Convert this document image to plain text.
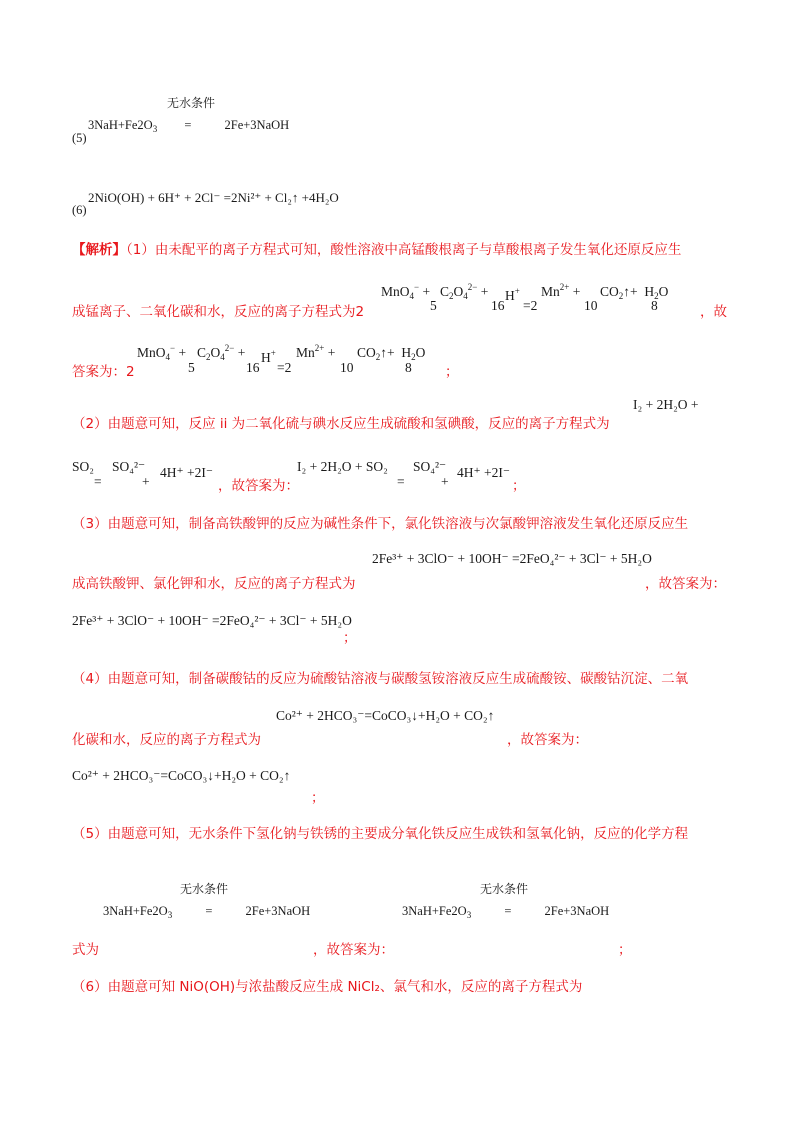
无水条件
$3NaH+Fe2O_3$ =	2Fe+3NaOH
(5)
2NiO(OH) + 6H⁺ + 2Cl⁻ =2Ni²⁺ + Cl₂↑ +4H₂O
(6)
【解析】（1）由未配平的离子方程式可知，酸性溶液中高锰酸根离子与草酸根离子发生氧化还原反应生
成锰离子、二氧化碳和水，反应的离子方程式为2
MnO$_4$− +
5
$C_2O_4^{2-}$ +
16
H+
=2
$Mn^{2+}$ +
10
$CO_2↑+ H_2O$
8	，故
答案为：2
MnO$_4$− +
5
$C_2O_4^{2-}$ +
16
H+
=2
$Mn^{2+}$ +
10
$CO_2↑+ H_2O$
8 ；
（2）由题意可知，反应 ii 为二氧化硫与碘水反应生成硫酸和氢碘酸，反应的离子方程式为
I₂ + 2H₂O +
SO₂
=
SO₄²⁻
+
4H⁺ +2I⁻
，故答案为：
I₂ + 2H₂O + SO₂
=
SO₄²⁻
+
4H⁺ +2I⁻
；
（3）由题意可知，制备高铁酸钾的反应为碱性条件下，氯化铁溶液与次氯酸钾溶液发生氧化还原反应生
成高铁酸钾、氯化钾和水，反应的离子方程式为
2Fe³⁺ + 3ClO⁻ + 10OH⁻ =2FeO₄²⁻ + 3Cl⁻ + 5H₂O
，故答案为：
2Fe³⁺ + 3ClO⁻ + 10OH⁻ =2FeO₄²⁻ + 3Cl⁻ + 5H₂O
；
（4）由题意可知，制备碳酸钴的反应为硫酸钴溶液与碳酸氢铵溶液反应生成硫酸铵、碳酸钴沉淀、二氧
化碳和水，反应的离子方程式为
Co²⁺ + 2HCO₃⁻=CoCO₃↓+H₂O + CO₂↑
，故答案为：
Co²⁺ + 2HCO₃⁻=CoCO₃↓+H₂O + CO₂↑
；
（5）由题意可知，无水条件下氢化钠与铁锈的主要成分氧化铁反应生成铁和氢氧化钠，反应的化学方程
无水条件
$3NaH+Fe2O_3$	=	2Fe+3NaOH
无水条件
$3NaH+Fe2O_3$	=	2Fe+3NaOH
式为	，故答案为：	；
（6）由题意可知 NiO(OH)与浓盐酸反应生成 NiCl₂、氯气和水，反应的离子方程式为
